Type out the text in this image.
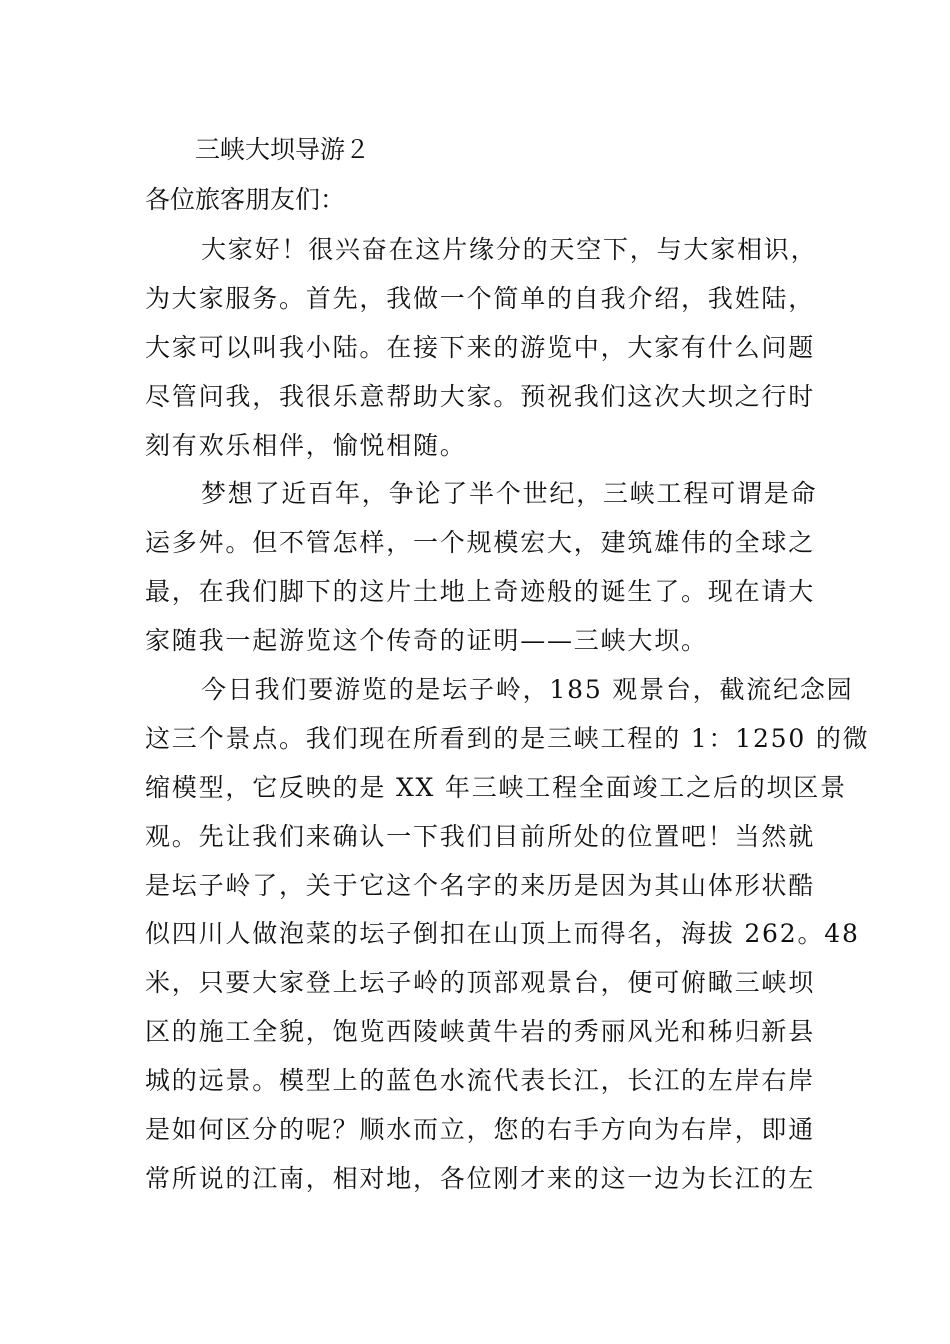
三峡大坝导游２
各位旅客朋友们：
大家好！很兴奋在这片缘分的天空下，与大家相识，
为大家服务。首先，我做一个简单的自我介绍，我姓陆，
大家可以叫我小陆。在接下来的游览中，大家有什么问题
尽管问我，我很乐意帮助大家。预祝我们这次大坝之行时
刻有欢乐相伴，愉悦相随。
梦想了近百年，争论了半个世纪，三峡工程可谓是命
运多舛。但不管怎样，一个规模宏大，建筑雄伟的全球之
最，在我们脚下的这片土地上奇迹般的诞生了。现在请大
家随我一起游览这个传奇的证明——三峡大坝。
今日我们要游览的是坛子岭，185 观景台，截流纪念园
这三个景点。我们现在所看到的是三峡工程的 1：1250 的微
缩模型，它反映的是 XX 年三峡工程全面竣工之后的坝区景
观。先让我们来确认一下我们目前所处的位置吧！当然就
是坛子岭了，关于它这个名字的来历是因为其山体形状酷
似四川人做泡菜的坛子倒扣在山顶上而得名，海拔 262。48
米，只要大家登上坛子岭的顶部观景台，便可俯瞰三峡坝
区的施工全貌，饱览西陵峡黄牛岩的秀丽风光和秭归新县
城的远景。模型上的蓝色水流代表长江，长江的左岸右岸
是如何区分的呢？顺水而立，您的右手方向为右岸，即通
常所说的江南，相对地，各位刚才来的这一边为长江的左
